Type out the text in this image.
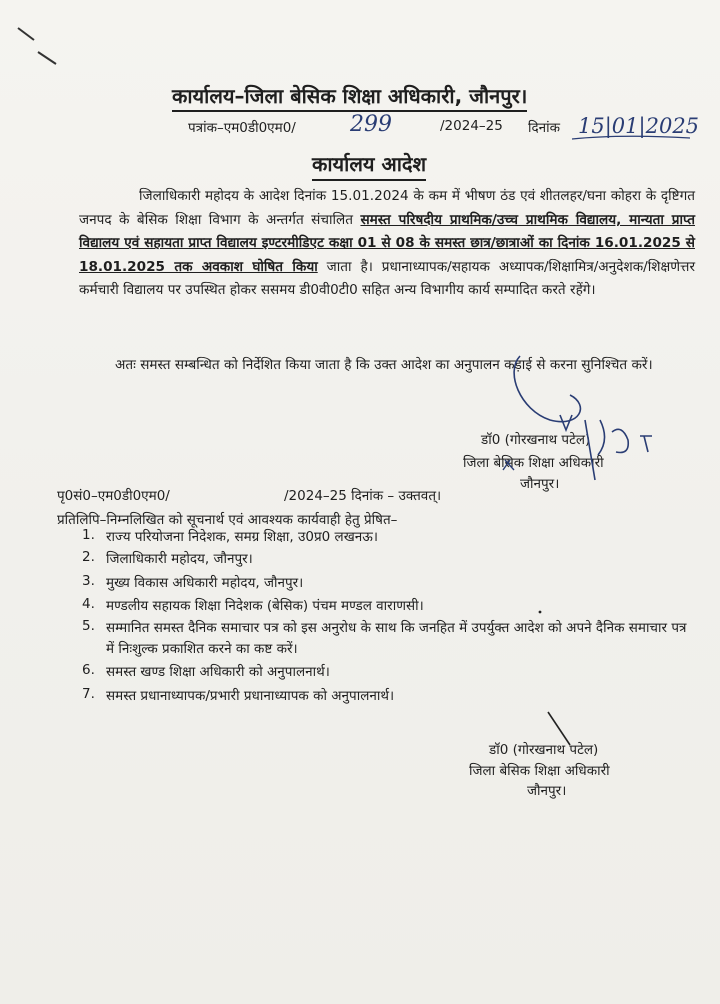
कार्यालय–जिला बेसिक शिक्षा अधिकारी, जौनपुर।
पत्रांक–एम0डी0एम0/ 299	/2024–25 दिनांक 15|01|2025
कार्यालय आदेश
जिलाधिकारी महोदय के आदेश दिनांक 15.01.2024 के कम में भीषण ठंड एवं शीतलहर/घना कोहरा के दृष्टिगत जनपद के बेसिक शिक्षा विभाग के अन्तर्गत संचालित समस्त परिषदीय प्राथमिक/उच्च प्राथमिक विद्यालय, मान्यता प्राप्त विद्यालय एवं सहायता प्राप्त विद्यालय इण्टरमीडिएट कक्षा 01 से 08 के समस्त छात्र/छात्राओं का दिनांक 16.01.2025 से 18.01.2025 तक अवकाश घोषित किया जाता है। प्रधानाध्यापक/सहायक अध्यापक/शिक्षामित्र/अनुदेशक/शिक्षणेत्तर कर्मचारी विद्यालय पर उपस्थित होकर ससमय डी0वी0टी0 सहित अन्य विभागीय कार्य सम्पादित करते रहेंगे।
अतः समस्त सम्बन्धित को निर्देशित किया जाता है कि उक्त आदेश का अनुपालन कड़ाई से करना सुनिश्चित करें।
डॉ0 (गोरखनाथ पटेल)
जिला बेसिक शिक्षा अधिकारी
जौनपुर।
पृ0सं0–एम0डी0एम0/	/2024–25 दिनांक – उक्तवत्।
प्रतिलिपि–निम्नलिखित को सूचनार्थ एवं आवश्यक कार्यवाही हेतु प्रेषित–
1. राज्य परियोजना निदेशक, समग्र शिक्षा, उ0प्र0 लखनऊ।
2. जिलाधिकारी महोदय, जौनपुर।
3. मुख्य विकास अधिकारी महोदय, जौनपुर।
4. मण्डलीय सहायक शिक्षा निदेशक (बेसिक) पंचम मण्डल वाराणसी।
5. सम्मानित समस्त दैनिक समाचार पत्र को इस अनुरोध के साथ कि जनहित में उपर्युक्त आदेश को अपने दैनिक समाचार पत्र में निःशुल्क प्रकाशित करने का कष्ट करें।
6. समस्त खण्ड शिक्षा अधिकारी को अनुपालनार्थ।
7. समस्त प्रधानाध्यापक/प्रभारी प्रधानाध्यापक को अनुपालनार्थ।
डॉ0 (गोरखनाथ पटेल)
जिला बेसिक शिक्षा अधिकारी
जौनपुर।
